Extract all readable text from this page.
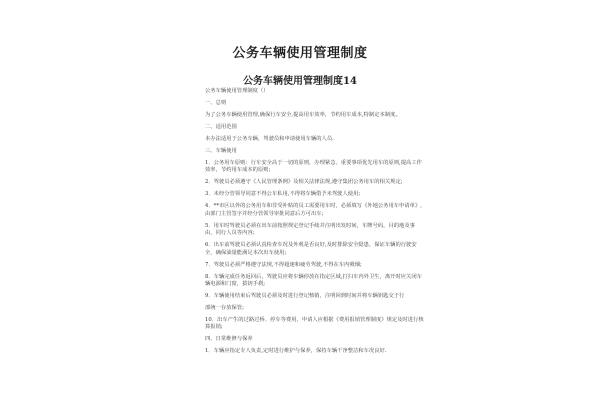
公务车辆使用管理制度
公务车辆使用管理制度14

公务车辆使用管理制度（）

一、总则

为了公务车辆使用管理,确保行车安全,提高用车效率，节约用车成本,特制定本制度。

二、适用范围

本办法适用于公务车辆，驾驶员和申请使用车辆的人员.

三、车辆使用

1．公务用车原则：行车安全高于一切的原则，办理紧急、重要事项优先用车的原则,提高工作效率，节约用车成本的原则;

2．驾驶员必须遵守《人民管理条例》及相关法律法规,遵守集团公务用车的相关规定;

3．未经分管领导同意不得公车私用,不得将车辆借予未驾驶人使用;

4．**市区以外的公务用车和非受补贴的员工需要用车时，必须填写《外地公务用车申请单》,由部门主管签字并经分管领导审批同意后方可出车;

5．用车时驾驶员必须在出车前按照规定登记手续并注明出发时间，车牌号码，目的地及事由，同行人员等内容;

6．出车前驾驶员必须认真检查车况及外观是否良好,及时排除安全隐患，保证车辆的行驶安全，确保油量能满足本次出车使用;

7．驾驶员必须严格遵守法规,不得超速和疲劳驾驶,不得在车内吸烟;

8．车辆完成任务返回后，驾驶员应将车辆停放在指定区域,打扫车内外卫生，离开时应关闭车辆电源和门窗，拔钥手刹;

9．车辆使用结束后驾驶员必须及时进行登记核销，注明回到时间并将车辆钥匙交于行

部统一存放保管;

10．出车产生的过路过桥、停车等费用，申请人应根据《费用报销管理制度》规定及时进行核算报销;

四、日常维修与保养

1．车辆应指定专人负责,定时进行维护与保养，保持车辆干净整洁和车况良好.
